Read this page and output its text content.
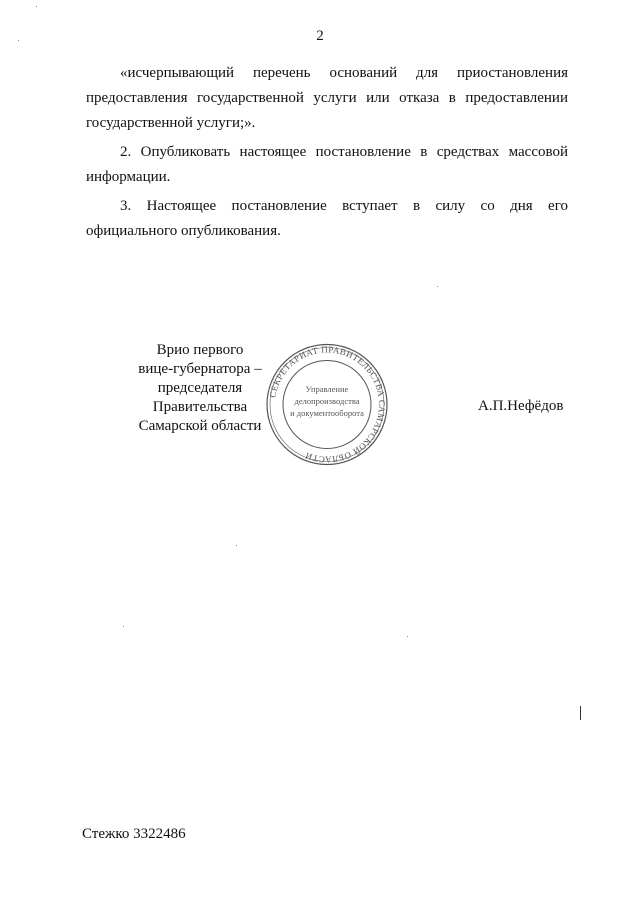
2

«исчерпывающий перечень оснований для приостановления
предоставления государственной услуги или отказа в предоставлении
государственной услуги;».

2. Опубликовать настоящее постановление в средствах массовой
информации.

3. Настоящее постановление вступает в силу со дня его
официального опубликования.

Врио первого
вице-губернатора –
председателя Правительства
Самарской области
СЕКРЕТАРИАТ ПРАВИТЕЛЬСТВА САМАРСКОЙ ОБЛАСТИ
Управление
делопроизводства
и документооборота	А.П.Нефёдов
Стежко 3322486
